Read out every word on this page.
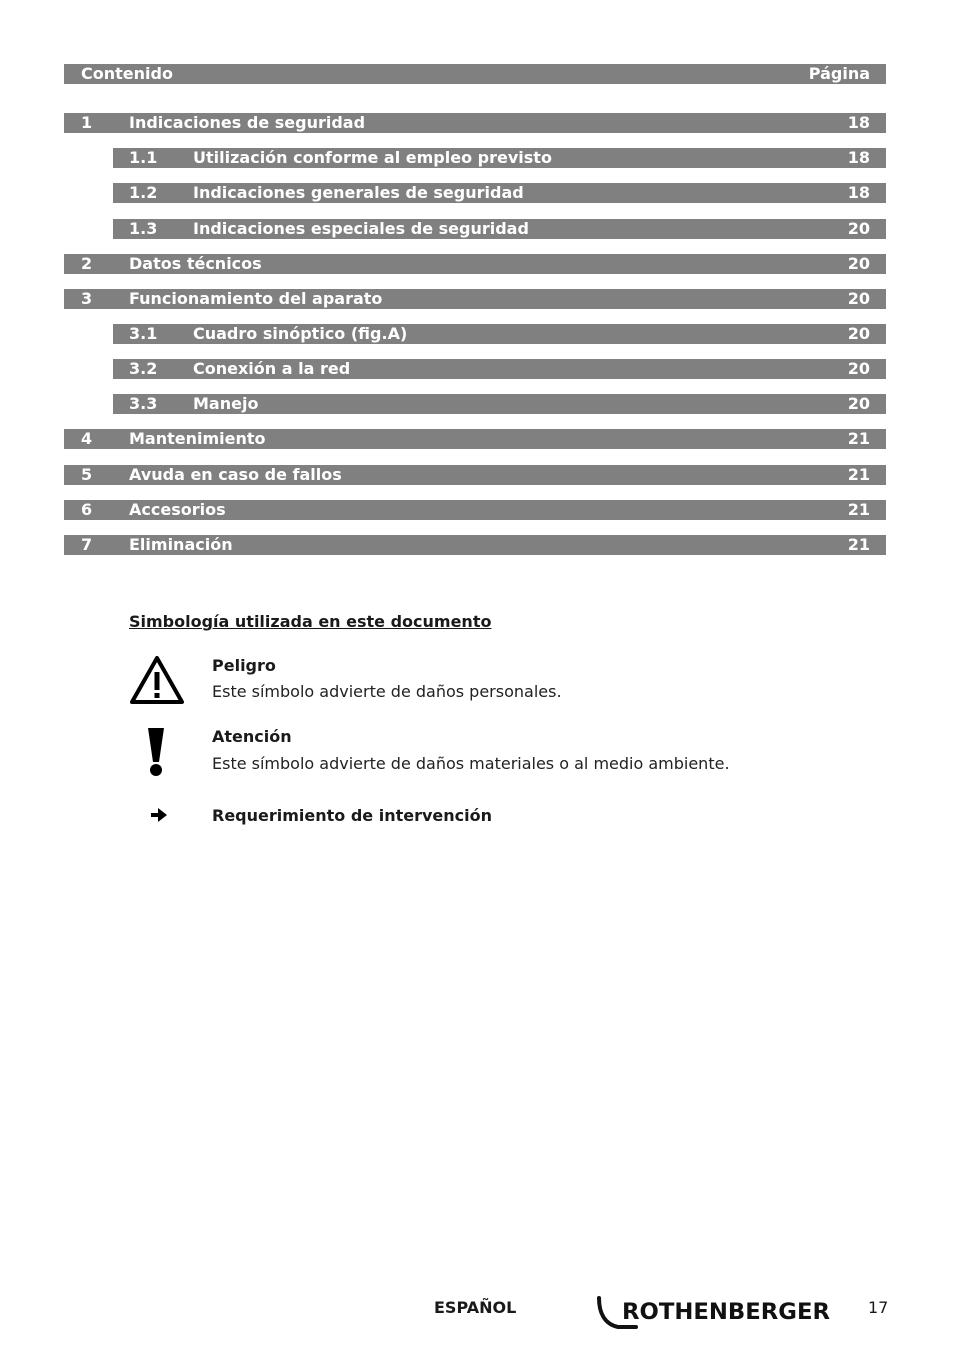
Contenido	Página
1 Indicaciones de seguridad	18
1.1 Utilización conforme al empleo previsto	18
1.2 Indicaciones generales de seguridad	18
1.3 Indicaciones especiales de seguridad	20
2 Datos técnicos	20
3 Funcionamiento del aparato	20
3.1 Cuadro sinóptico (fig.A)	20
3.2 Conexión a la red	20
3.3 Manejo	20
4 Mantenimiento	21
5 Avuda en caso de fallos	21
6 Accesorios	21
7 Eliminación	21
Simbología utilizada en este documento
Peligro
Este símbolo advierte de daños personales.
Atención
Este símbolo advierte de daños materiales o al medio ambiente.
Requerimiento de intervención
ESPAÑOL	ROTHENBERGER 17
